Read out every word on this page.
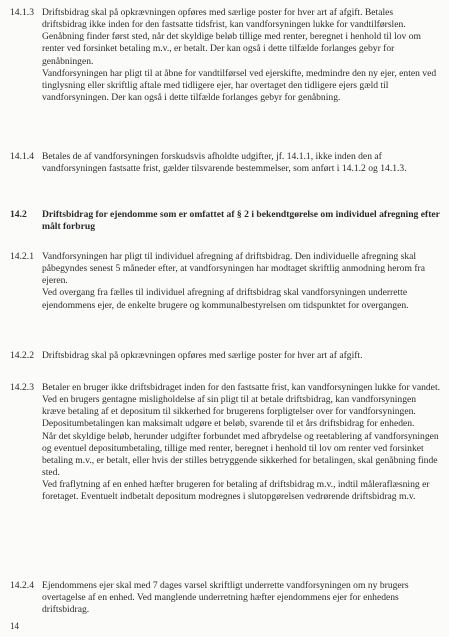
14.1.3 Driftsbidrag skal på opkrævningen opføres med særlige poster for hver art af afgift. Betales driftsbidrag ikke inden for den fastsatte tidsfrist, kan vandforsyningen lukke for vandtilførslen. Genåbning finder først sted, når det skyldige beløb tillige med renter, beregnet i henhold til lov om renter ved forsinket betaling m.v., er betalt. Der kan også i dette tilfælde forlanges gebyr for genåbningen.

Vandforsyningen har pligt til at åbne for vandtilførsel ved ejerskifte, medmindre den ny ejer, enten ved tinglysning eller skriftlig aftale med tidligere ejer, har overtaget den tidligere ejers gæld til vandforsyningen. Der kan også i dette tilfælde forlanges gebyr for genåbning.

14.1.4 Betales de af vandforsyningen forskudsvis afholdte udgifter, jf. 14.1.1, ikke inden den af vandforsyningen fastsatte frist, gælder tilsvarende bestemmelser, som anført i 14.1.2 og 14.1.3.

14.2	Driftsbidrag for ejendomme som er omfattet af § 2 i bekendtgørelse om individuel afregning efter målt forbrug
14.2.1 Vandforsyningen har pligt til individuel afregning af driftsbidrag. Den individuelle afregning skal påbegyndes senest 5 måneder efter, at vandforsyningen har modtaget skriftlig anmodning herom fra ejeren.

Ved overgang fra fælles til individuel afregning af driftsbidrag skal vandforsyningen underrette ejendommens ejer, de enkelte brugere og kommunalbestyrelsen om tidspunktet for overgangen.

14.2.2 Driftsbidrag skal på opkrævningen opføres med særlige poster for hver art af afgift.

14.2.3 Betaler en bruger ikke driftsbidraget inden for den fastsatte frist, kan vandforsyningen lukke for vandet.

Ved en brugers gentagne misligholdelse af sin pligt til at betale driftsbidrag, kan vandforsyningen kræve betaling af et depositum til sikkerhed for brugerens forpligtelser over for vandforsyningen. Depositumbetalingen kan maksimalt udgøre et beløb, svarende til et års driftsbidrag for enheden.

Når det skyldige beløb, herunder udgifter forbundet med afbrydelse og reetablering af vandforsyningen og eventuel depositumbetaling, tillige med renter, beregnet i henhold til lov om renter ved forsinket betaling m.v., er betalt, eller hvis der stilles betryggende sikkerhed for betalingen, skal genåbning finde sted.

Ved fraflytning af en enhed hæfter brugeren for betaling af driftsbidrag m.v., indtil måleraflæsning er foretaget. Eventuelt indbetalt depositum modregnes i slutopgørelsen vedrørende driftsbidrag m.v.

14.2.4 Ejendommens ejer skal med 7 dages varsel skriftligt underrette vandforsyningen om ny brugers overtagelse af en enhed. Ved manglende underretning hæfter ejendommens ejer for enhedens driftsbidrag.

14
